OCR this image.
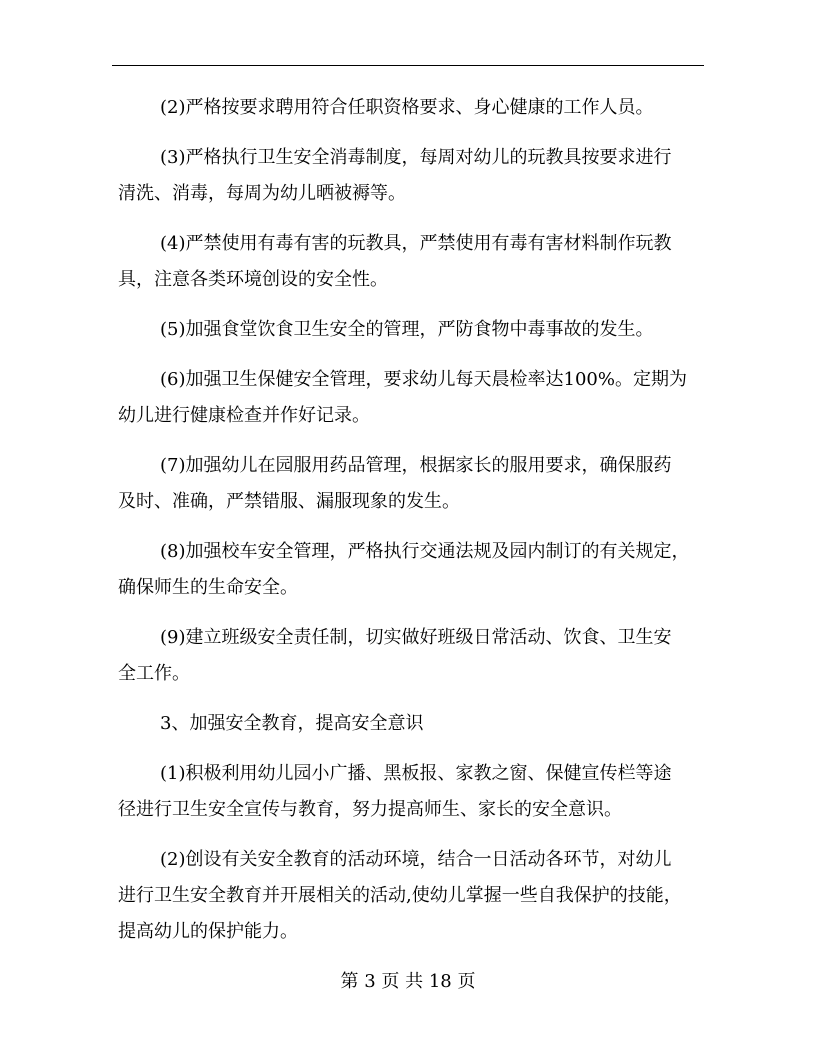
(2)严格按要求聘用符合任职资格要求、身心健康的工作人员。

(3)严格执行卫生安全消毒制度，每周对幼儿的玩教具按要求进行
清洗、消毒，每周为幼儿晒被褥等。

(4)严禁使用有毒有害的玩教具，严禁使用有毒有害材料制作玩教
具，注意各类环境创设的安全性。

(5)加强食堂饮食卫生安全的管理，严防食物中毒事故的发生。

(6)加强卫生保健安全管理，要求幼儿每天晨检率达100%。定期为
幼儿进行健康检查并作好记录。

(7)加强幼儿在园服用药品管理，根据家长的服用要求，确保服药
及时、准确，严禁错服、漏服现象的发生。

(8)加强校车安全管理，严格执行交通法规及园内制订的有关规定，
确保师生的生命安全。

(9)建立班级安全责任制，切实做好班级日常活动、饮食、卫生安
全工作。

3、加强安全教育，提高安全意识

(1)积极利用幼儿园小广播、黑板报、家教之窗、保健宣传栏等途
径进行卫生安全宣传与教育，努力提高师生、家长的安全意识。

(2)创设有关安全教育的活动环境，结合一日活动各环节，对幼儿
进行卫生安全教育并开展相关的活动,使幼儿掌握一些自我保护的技能，
提高幼儿的保护能力。

第 3 页 共 18 页
